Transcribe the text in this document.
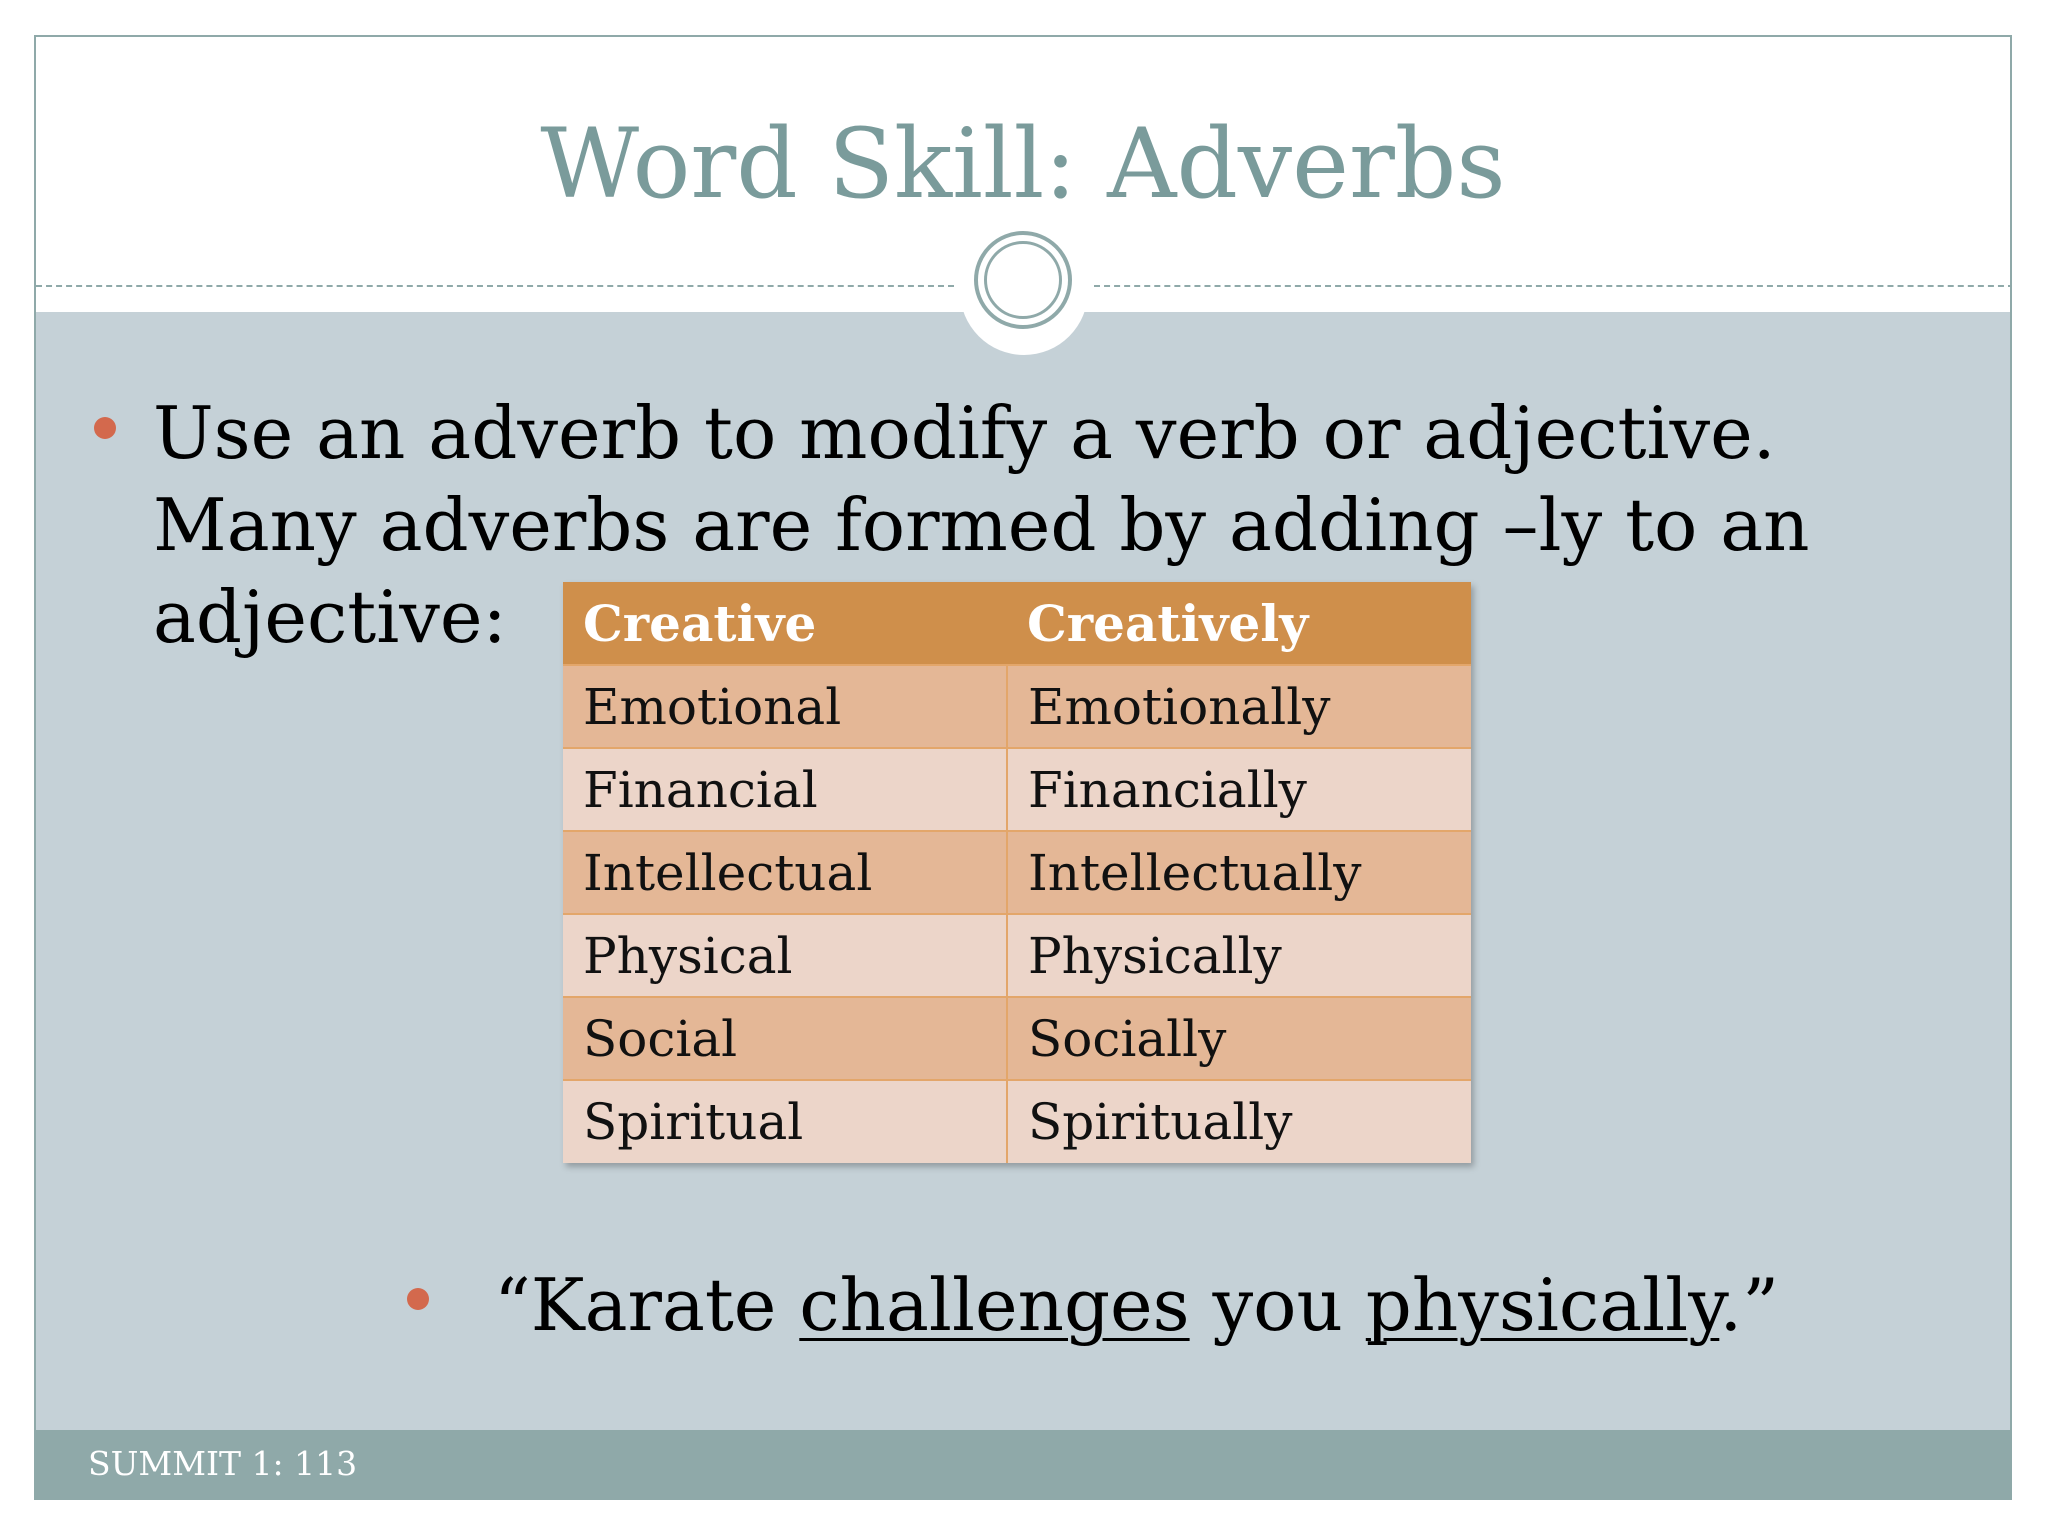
Word Skill: Adverbs
Use an adverb to modify a verb or adjective. Many adverbs are formed by adding –ly to an adjective:	Creative	Creatively
Emotional	Emotionally
Financial	Financially
Intellectual	Intellectually
Physical	Physically
Social	Socially
Spiritual	Spiritually
“Karate challenges you physically.”
SUMMIT 1: 113
